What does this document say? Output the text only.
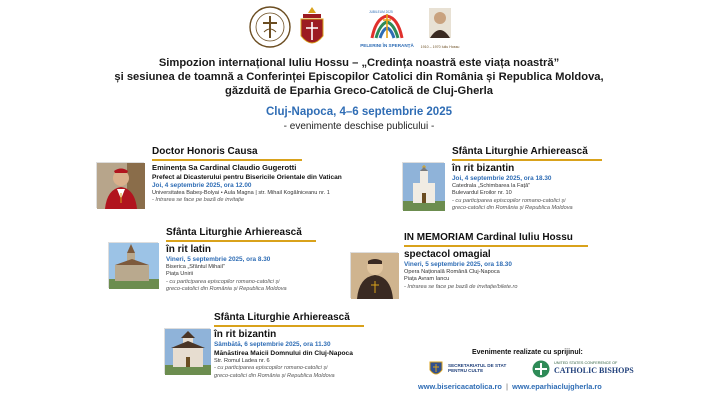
PELERINI ÎN SPERANȚĂ
JUBILEUM 2025
1910 – 1970 Iuliu Hossu
Simpozion internațional Iuliu Hossu – „Credința noastră este viața noastră”
și sesiunea de toamnă a Conferinței Episcopilor Catolici din România și Republica Moldova,
găzduită de Eparhia Greco-Catolică de Cluj-Gherla
Cluj-Napoca, 4–6 septembrie 2025
- evenimente deschise publicului -
Doctor Honoris Causa
Eminența Sa Cardinal Claudio Gugerotti
Prefect al Dicasterului pentru Bisericile Orientale din Vatican
Joi, 4 septembrie 2025, ora 12.00
Universitatea Babeș-Bolyai • Aula Magna | str. Mihail Kogălniceanu nr. 1
- Intrarea se face pe bază de invitație
Sfânta Liturghie Arhierească
în rit bizantin
Joi, 4 septembrie 2025, ora 18.30
Catedrala „Schimbarea la Față”
Bulevardul Eroilor nr. 10
- cu participarea episcopilor romano-catolici și
greco-catolici din România și Republica Moldova
Sfânta Liturghie Arhierească
în rit latin
Vineri, 5 septembrie 2025, ora 8.30
Biserica „Sfântul Mihail”
Piața Unirii
- cu participarea episcopilor romano-catolici și
greco-catolici din România și Republica Moldova
IN MEMORIAM Cardinal Iuliu Hossu
spectacol omagial
Vineri, 5 septembrie 2025, ora 18.30
Opera Națională Română Cluj-Napoca
Piața Avram Iancu
- Intrarea se face pe bază de invitație/bilete.ro
Sfânta Liturghie Arhierească
în rit bizantin
Sâmbătă, 6 septembrie 2025, ora 11.30
Mănăstirea Maicii Domnului din Cluj-Napoca
Str. Romul Ladea nr. 6
- cu participarea episcopilor romano-catolici și
greco-catolici din România și Republica Moldova
Evenimente realizate cu sprijinul:
SECRETARIATUL DE STAT
PENTRU CULTE
UNITED STATES CONFERENCE OF
CATHOLIC BISHOPS
www.bisericacatolica.ro | www.eparhiaclujgherla.ro
